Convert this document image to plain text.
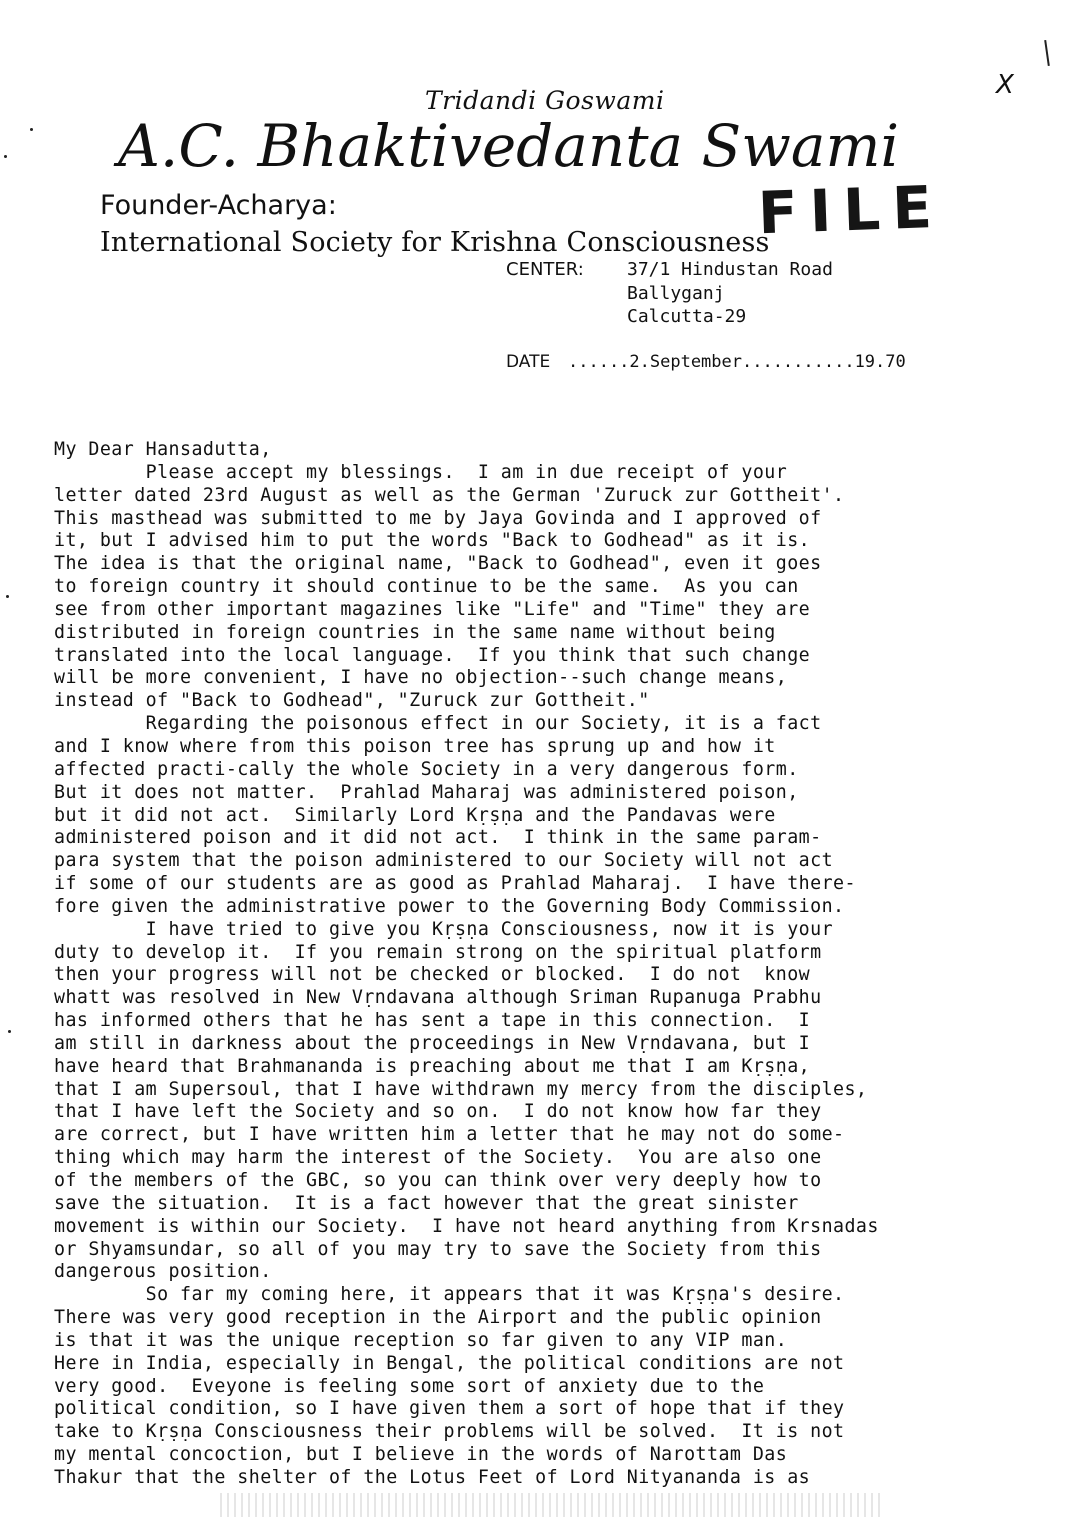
X
Tridandi Goswami
A.C. Bhaktivedanta Swami
Founder-Acharya:
International Society for Krishna Consciousness
FILE
CENTER: 37/1 Hindustan Road
Ballyganj
Calcutta-29
DATE ......2.September...........19.70
My Dear Hansadutta,
Please accept my blessings.  I am in due receipt of your
letter dated 23rd August as well as the German 'Zuruck zur Gottheit'.
This masthead was submitted to me by Jaya Govinda and I approved of
it, but I advised him to put the words "Back to Godhead" as it is.
The idea is that the original name, "Back to Godhead", even it goes
to foreign country it should continue to be the same.  As you can
see from other important magazines like "Life" and "Time" they are
distributed in foreign countries in the same name without being
translated into the local language.  If you think that such change
will be more convenient, I have no objection--such change means,
instead of "Back to Godhead", "Zuruck zur Gottheit."
Regarding the poisonous effect in our Society, it is a fact
and I know where from this poison tree has sprung up and how it
affected practi-cally the whole Society in a very dangerous form.
But it does not matter.  Prahlad Maharaj was administered poison,
but it did not act.  Similarly Lord Kṛṣṇa and the Pandavas were
administered poison and it did not act.  I think in the same param-
para system that the poison administered to our Society will not act
if some of our students are as good as Prahlad Maharaj.  I have there-
fore given the administrative power to the Governing Body Commission.
I have tried to give you Kṛṣṇa Consciousness, now it is your
duty to develop it.  If you remain strong on the spiritual platform
then your progress will not be checked or blocked.  I do not  know
whatt was resolved in New Vṛndavana although Sriman Rupanuga Prabhu
has informed others that he has sent a tape in this connection.  I
am still in darkness about the proceedings in New Vṛndavana, but I
have heard that Brahmananda is preaching about me that I am Kṛṣṇa,
that I am Supersoul, that I have withdrawn my mercy from the disciples,
that I have left the Society and so on.  I do not know how far they
are correct, but I have written him a letter that he may not do some-
thing which may harm the interest of the Society.  You are also one
of the members of the GBC, so you can think over very deeply how to
save the situation.  It is a fact however that the great sinister
movement is within our Society.  I have not heard anything from Krsnadas
or Shyamsundar, so all of you may try to save the Society from this
dangerous position.
So far my coming here, it appears that it was Kṛṣṇa's desire.
There was very good reception in the Airport and the public opinion
is that it was the unique reception so far given to any VIP man.
Here in India, especially in Bengal, the political conditions are not
very good.  Eveyone is feeling some sort of anxiety due to the
political condition, so I have given them a sort of hope that if they
take to Kṛṣṇa Consciousness their problems will be solved.  It is not
my mental concoction, but I believe in the words of Narottam Das
Thakur that the shelter of the Lotus Feet of Lord Nityananda is as
